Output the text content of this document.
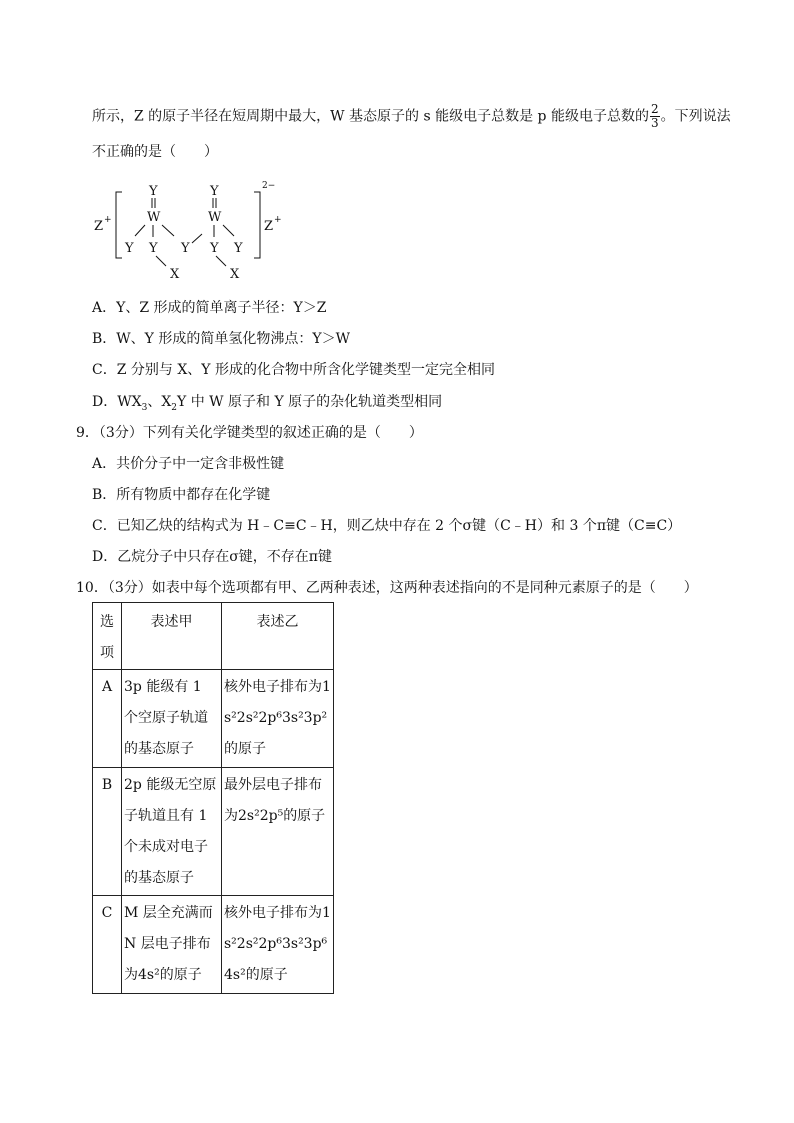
所示，Z 的原子半径在短周期中最大，W 基态原子的 s 能级电子总数是 p 能级电子总数的 $\frac{2}{3}$ 。下列说法
不正确的是（　　）
Z +
2−
Z +
Y
W
Y Y
X
Y
Y
W
Y Y
X
A．Y、Z 形成的简单离子半径：Y＞Z
B．W、Y 形成的简单氢化物沸点：Y＞W
C．Z 分别与 X、Y 形成的化合物中所含化学键类型一定完全相同
D．$WX_3$、$X_2Y$ 中 W 原子和 Y 原子的杂化轨道类型相同
9．（3分）下列有关化学键类型的叙述正确的是（　　）
A．共价分子中一定含非极性键
B．所有物质中都存在化学键
C．已知乙炔的结构式为 H﹣C≡C﹣H，则乙炔中存在 2 个σ键（C﹣H）和 3 个π键（C≡C）
D．乙烷分子中只存在σ键，不存在π键
10．（3分）如表中每个选项都有甲、乙两种表述，这两种表述指向的不是同种元素原子的是（　　）
选项	表述甲	表述乙
A	3p 能级有 1 个空原子轨道的基态原子	核外电子排布为1s²2s²2p⁶3s²3p²的原子

B	2p 能级无空原子轨道且有 1 个未成对电子的基态原子	最外层电子排布为2s²2p⁵的原子

C	M 层全充满而 N 层电子排布为4s²的原子	核外电子排布为1s²2s²2p⁶3s²3p⁶4s²的原子
